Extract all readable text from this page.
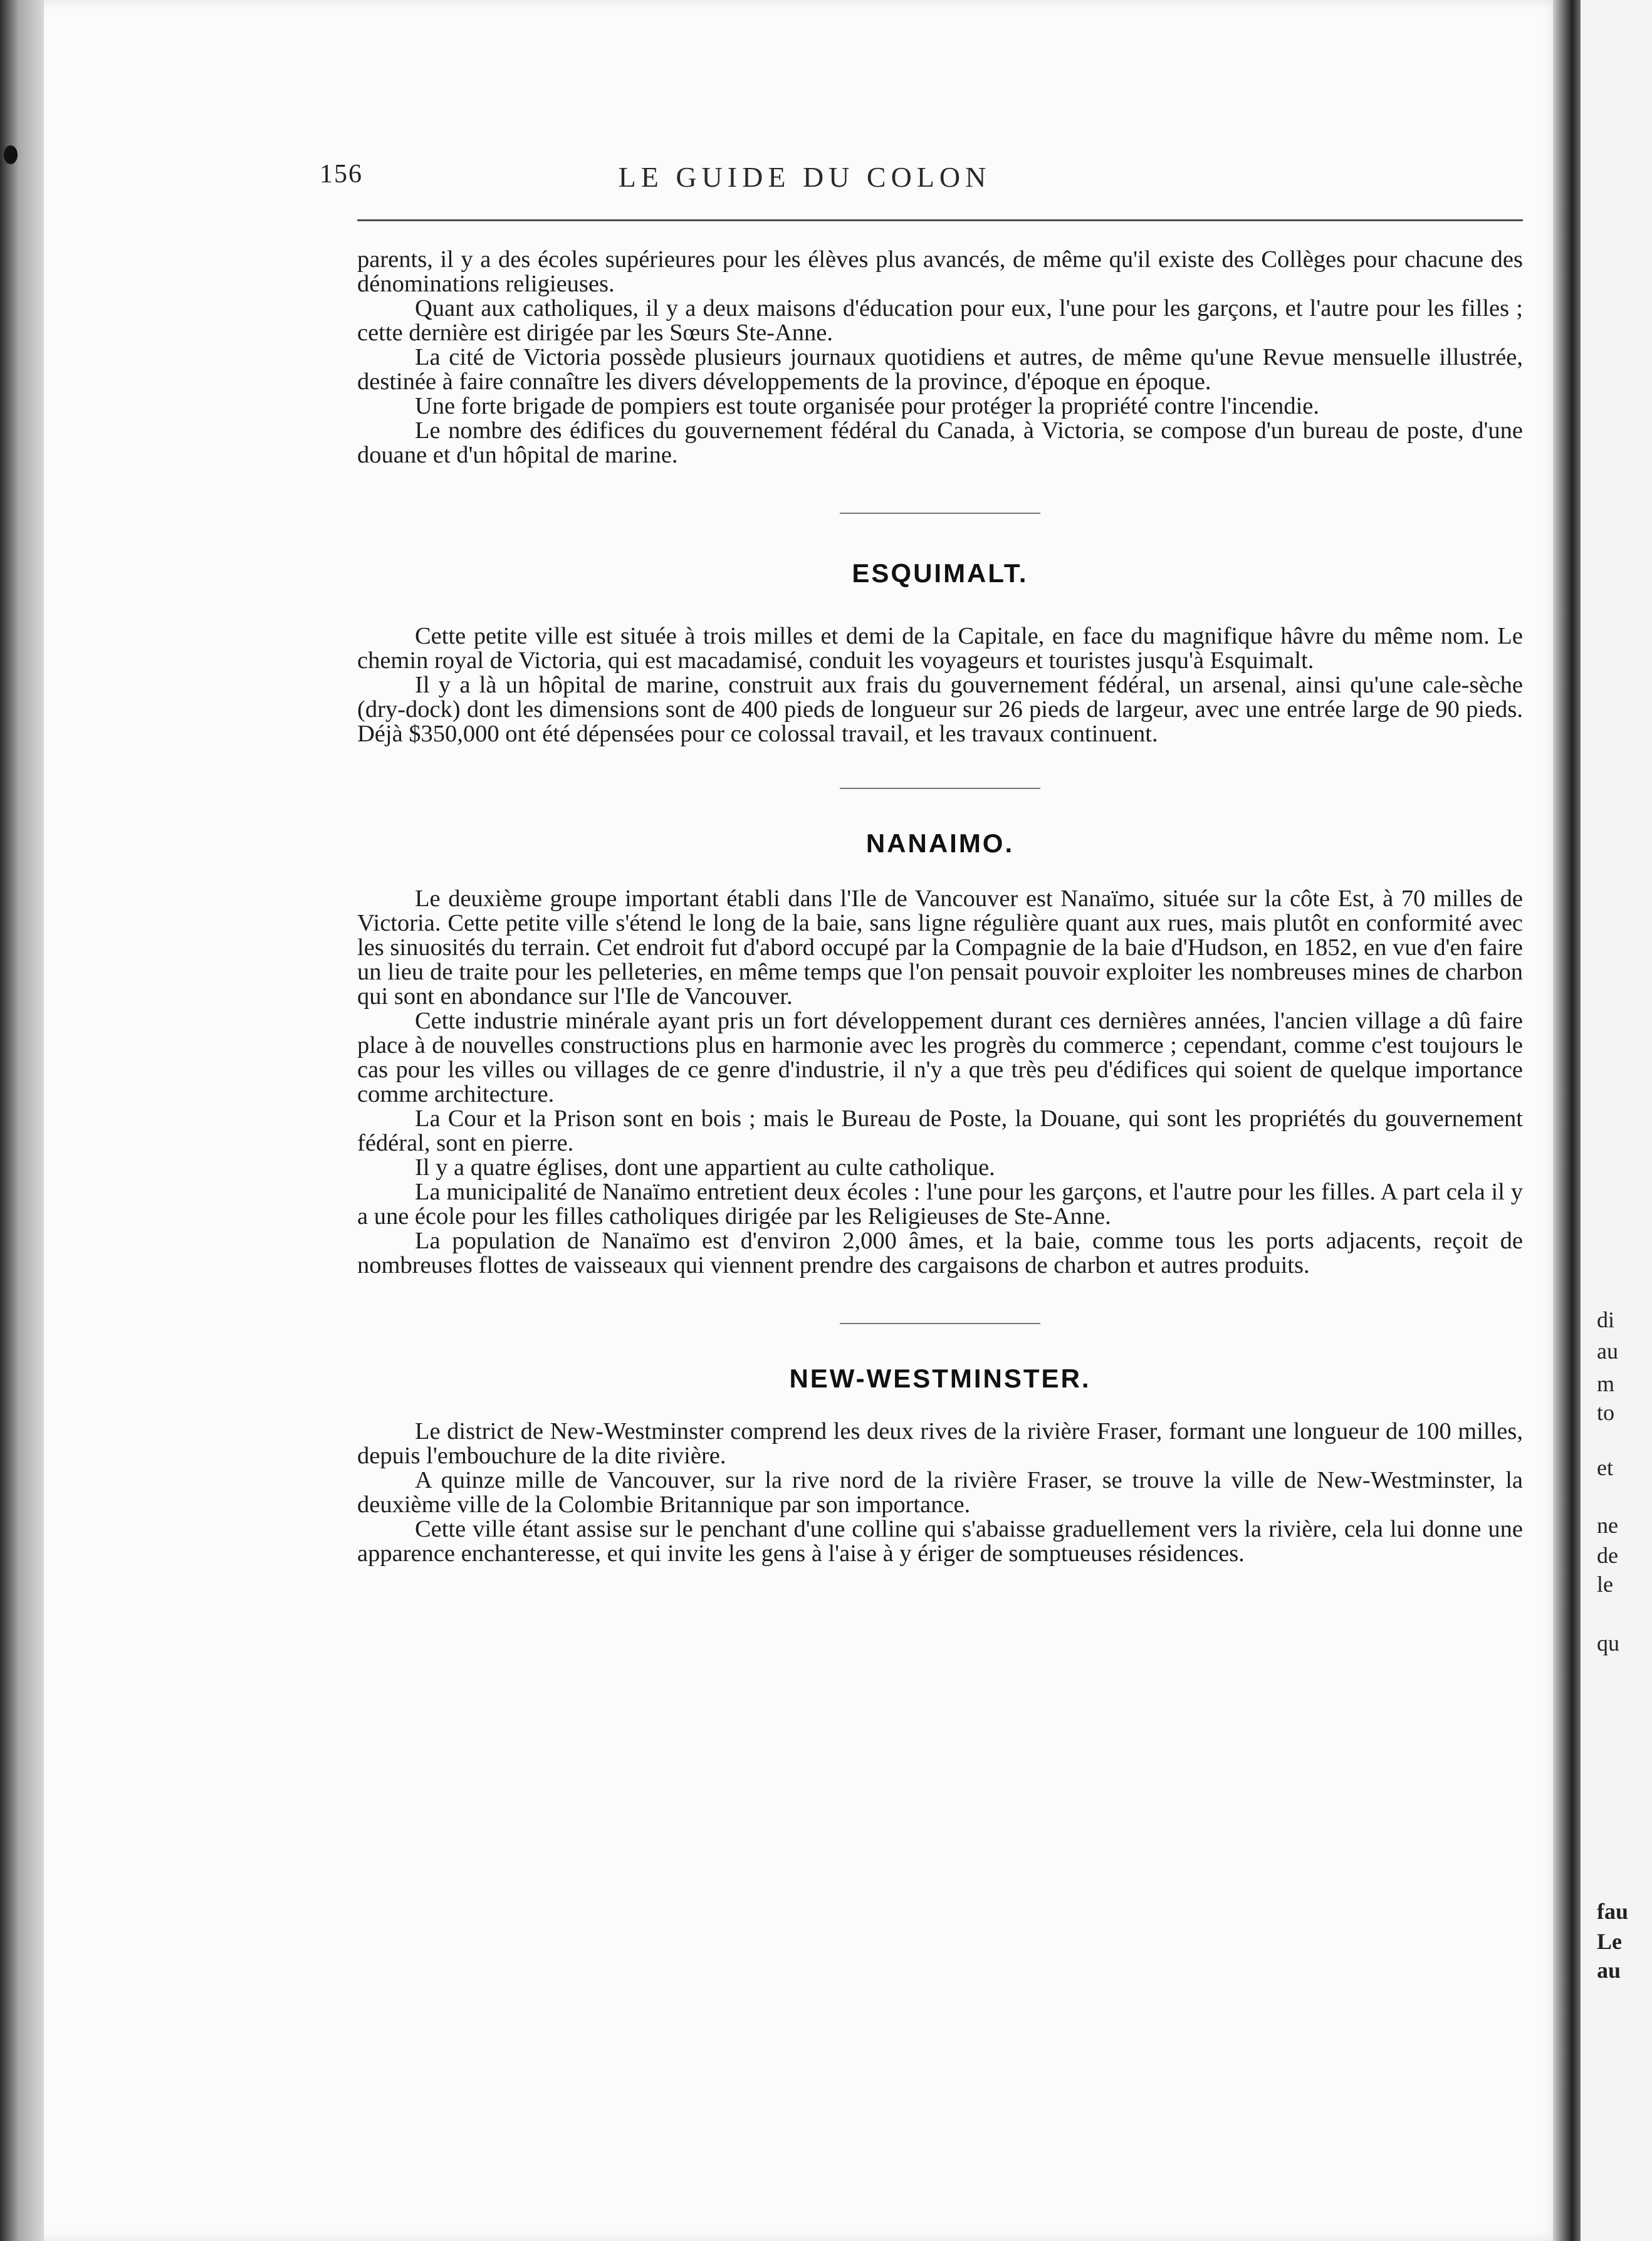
156	LE GUIDE DU COLON

parents, il y a des écoles supérieures pour les élèves plus avancés, de même qu'il existe des Collèges pour chacune des dénominations religieuses.

Quant aux catholiques, il y a deux maisons d'éducation pour eux, l'une pour les garçons, et l'autre pour les filles ; cette dernière est dirigée par les Sœurs Ste-Anne.

La cité de Victoria possède plusieurs journaux quotidiens et autres, de même qu'une Revue mensuelle illustrée, destinée à faire connaître les divers développements de la province, d'époque en époque.

Une forte brigade de pompiers est toute organisée pour protéger la propriété contre l'incendie.

Le nombre des édifices du gouvernement fédéral du Canada, à Victoria, se compose d'un bureau de poste, d'une douane et d'un hôpital de marine.

ESQUIMALT.

Cette petite ville est située à trois milles et demi de la Capitale, en face du magnifique hâvre du même nom. Le chemin royal de Victoria, qui est macadamisé, conduit les voyageurs et touristes jusqu'à Esquimalt.

Il y a là un hôpital de marine, construit aux frais du gouvernement fédéral, un arsenal, ainsi qu'une cale-sèche (dry-dock) dont les dimensions sont de 400 pieds de longueur sur 26 pieds de largeur, avec une entrée large de 90 pieds. Déjà $350,000 ont été dépensées pour ce colossal travail, et les travaux continuent.

NANAIMO.

Le deuxième groupe important établi dans l'Ile de Vancouver est Nanaïmo, située sur la côte Est, à 70 milles de Victoria. Cette petite ville s'étend le long de la baie, sans ligne régulière quant aux rues, mais plutôt en conformité avec les sinuosités du terrain. Cet endroit fut d'abord occupé par la Compagnie de la baie d'Hudson, en 1852, en vue d'en faire un lieu de traite pour les pelleteries, en même temps que l'on pensait pouvoir exploiter les nombreuses mines de charbon qui sont en abondance sur l'Ile de Vancouver.

Cette industrie minérale ayant pris un fort développement durant ces dernières années, l'ancien village a dû faire place à de nouvelles constructions plus en harmonie avec les progrès du commerce ; cependant, comme c'est toujours le cas pour les villes ou villages de ce genre d'industrie, il n'y a que très peu d'édifices qui soient de quelque importance comme architecture.

La Cour et la Prison sont en bois ; mais le Bureau de Poste, la Douane, qui sont les propriétés du gouvernement fédéral, sont en pierre.

Il y a quatre églises, dont une appartient au culte catholique.

La municipalité de Nanaïmo entretient deux écoles : l'une pour les garçons, et l'autre pour les filles. A part cela il y a une école pour les filles catholiques dirigée par les Religieuses de Ste-Anne.

La population de Nanaïmo est d'environ 2,000 âmes, et la baie, comme tous les ports adjacents, reçoit de nombreuses flottes de vaisseaux qui viennent prendre des cargaisons de charbon et autres produits.

NEW-WESTMINSTER.

Le district de New-Westminster comprend les deux rives de la rivière Fraser, formant une longueur de 100 milles, depuis l'embouchure de la dite rivière.

A quinze mille de Vancouver, sur la rive nord de la rivière Fraser, se trouve la ville de New-Westminster, la deuxième ville de la Colombie Britannique par son importance.

Cette ville étant assise sur le penchant d'une colline qui s'abaisse graduellement vers la rivière, cela lui donne une apparence enchanteresse, et qui invite les gens à l'aise à y ériger de somptueuses résidences.

di
au
m
to
et
ne
de
le
qu
fau
Le
au
